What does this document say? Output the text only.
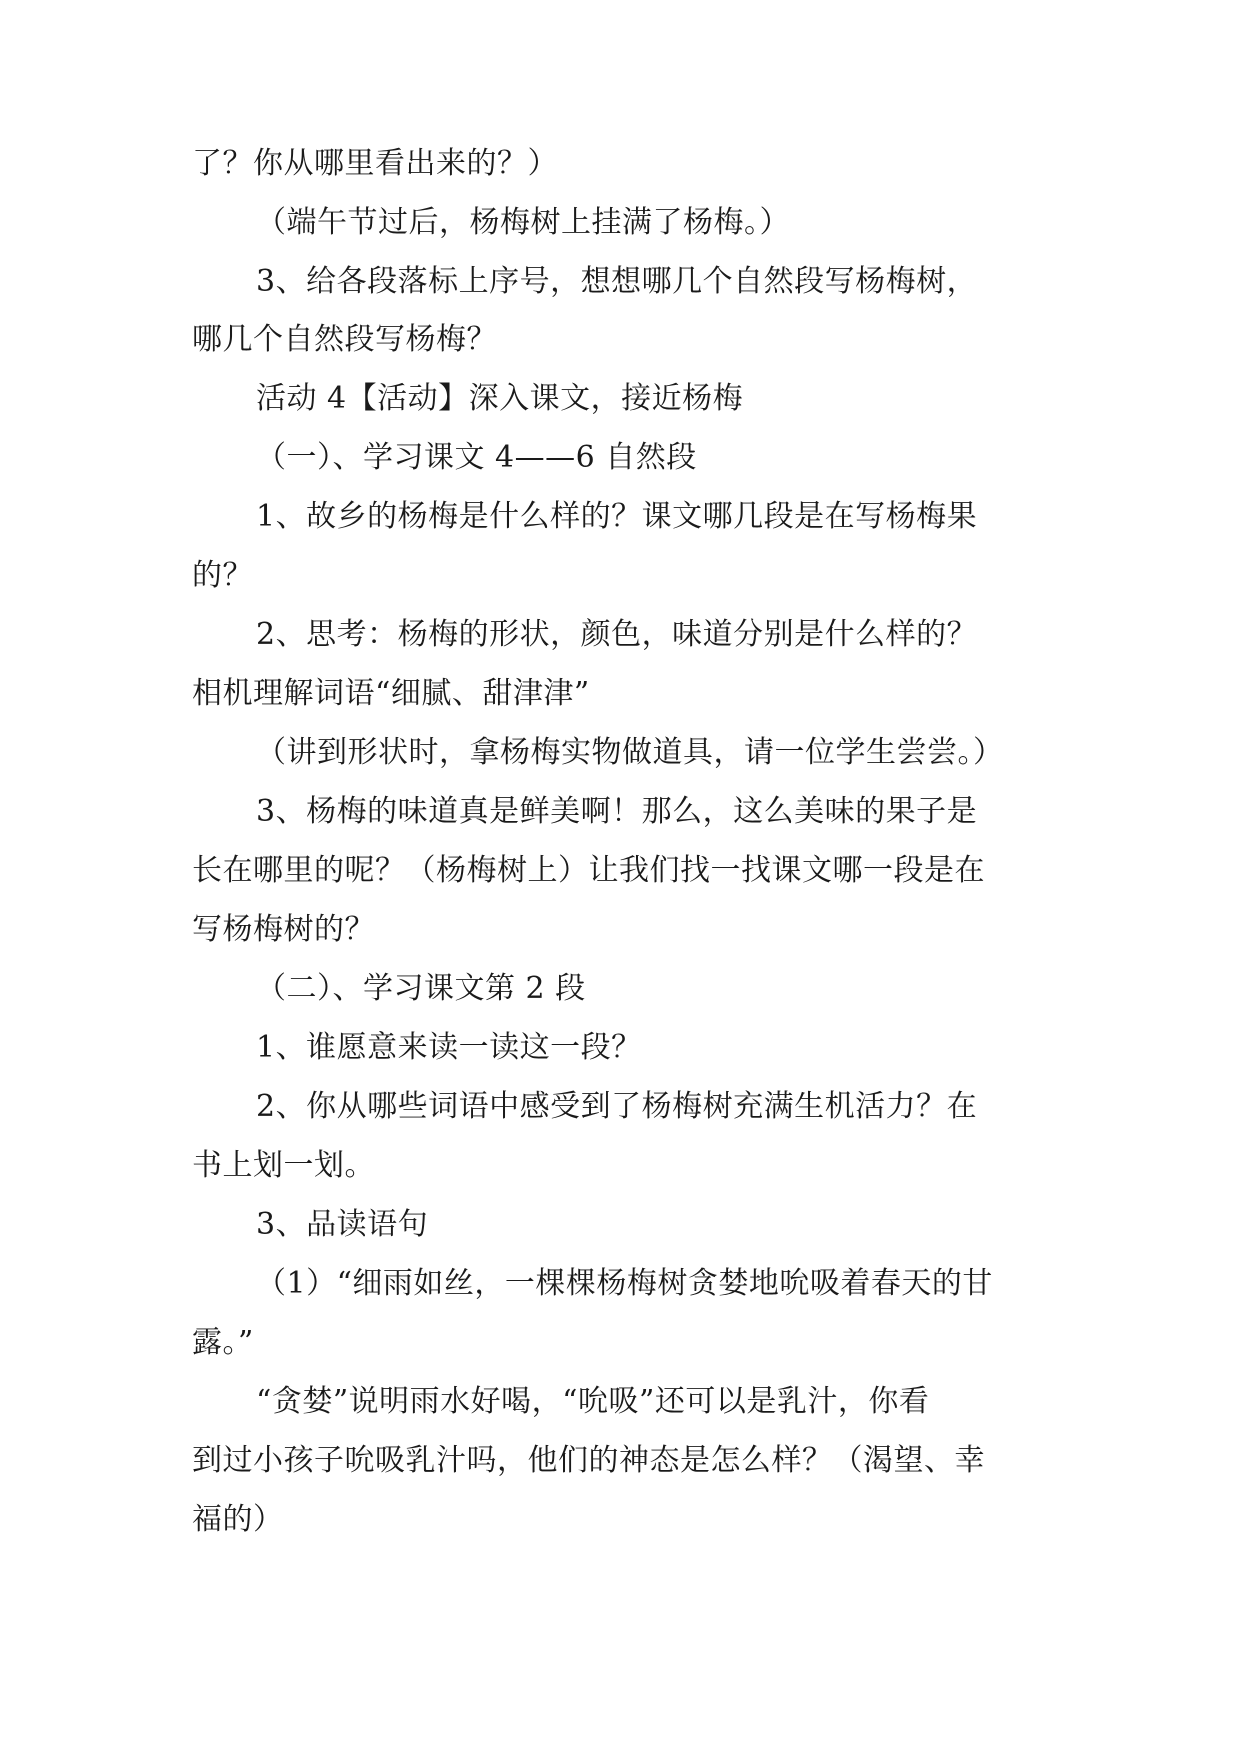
了？你从哪里看出来的？）
（端午节过后，杨梅树上挂满了杨梅。）
3、给各段落标上序号，想想哪几个自然段写杨梅树，
哪几个自然段写杨梅？
活动 4【活动】深入课文，接近杨梅
（一）、学习课文 4——6 自然段
1、故乡的杨梅是什么样的？课文哪几段是在写杨梅果
的？
2、思考：杨梅的形状，颜色，味道分别是什么样的？
相机理解词语“细腻、甜津津”
（讲到形状时，拿杨梅实物做道具，请一位学生尝尝。）
3、杨梅的味道真是鲜美啊！那么，这么美味的果子是
长在哪里的呢？（杨梅树上）让我们找一找课文哪一段是在
写杨梅树的？
（二）、学习课文第 2 段
1、谁愿意来读一读这一段？
2、你从哪些词语中感受到了杨梅树充满生机活力？在
书上划一划。
3、品读语句
（1）“细雨如丝，一棵棵杨梅树贪婪地吮吸着春天的甘
露。”
“贪婪”说明雨水好喝，“吮吸”还可以是乳汁，你看
到过小孩子吮吸乳汁吗，他们的神态是怎么样？（渴望、幸
福的）
